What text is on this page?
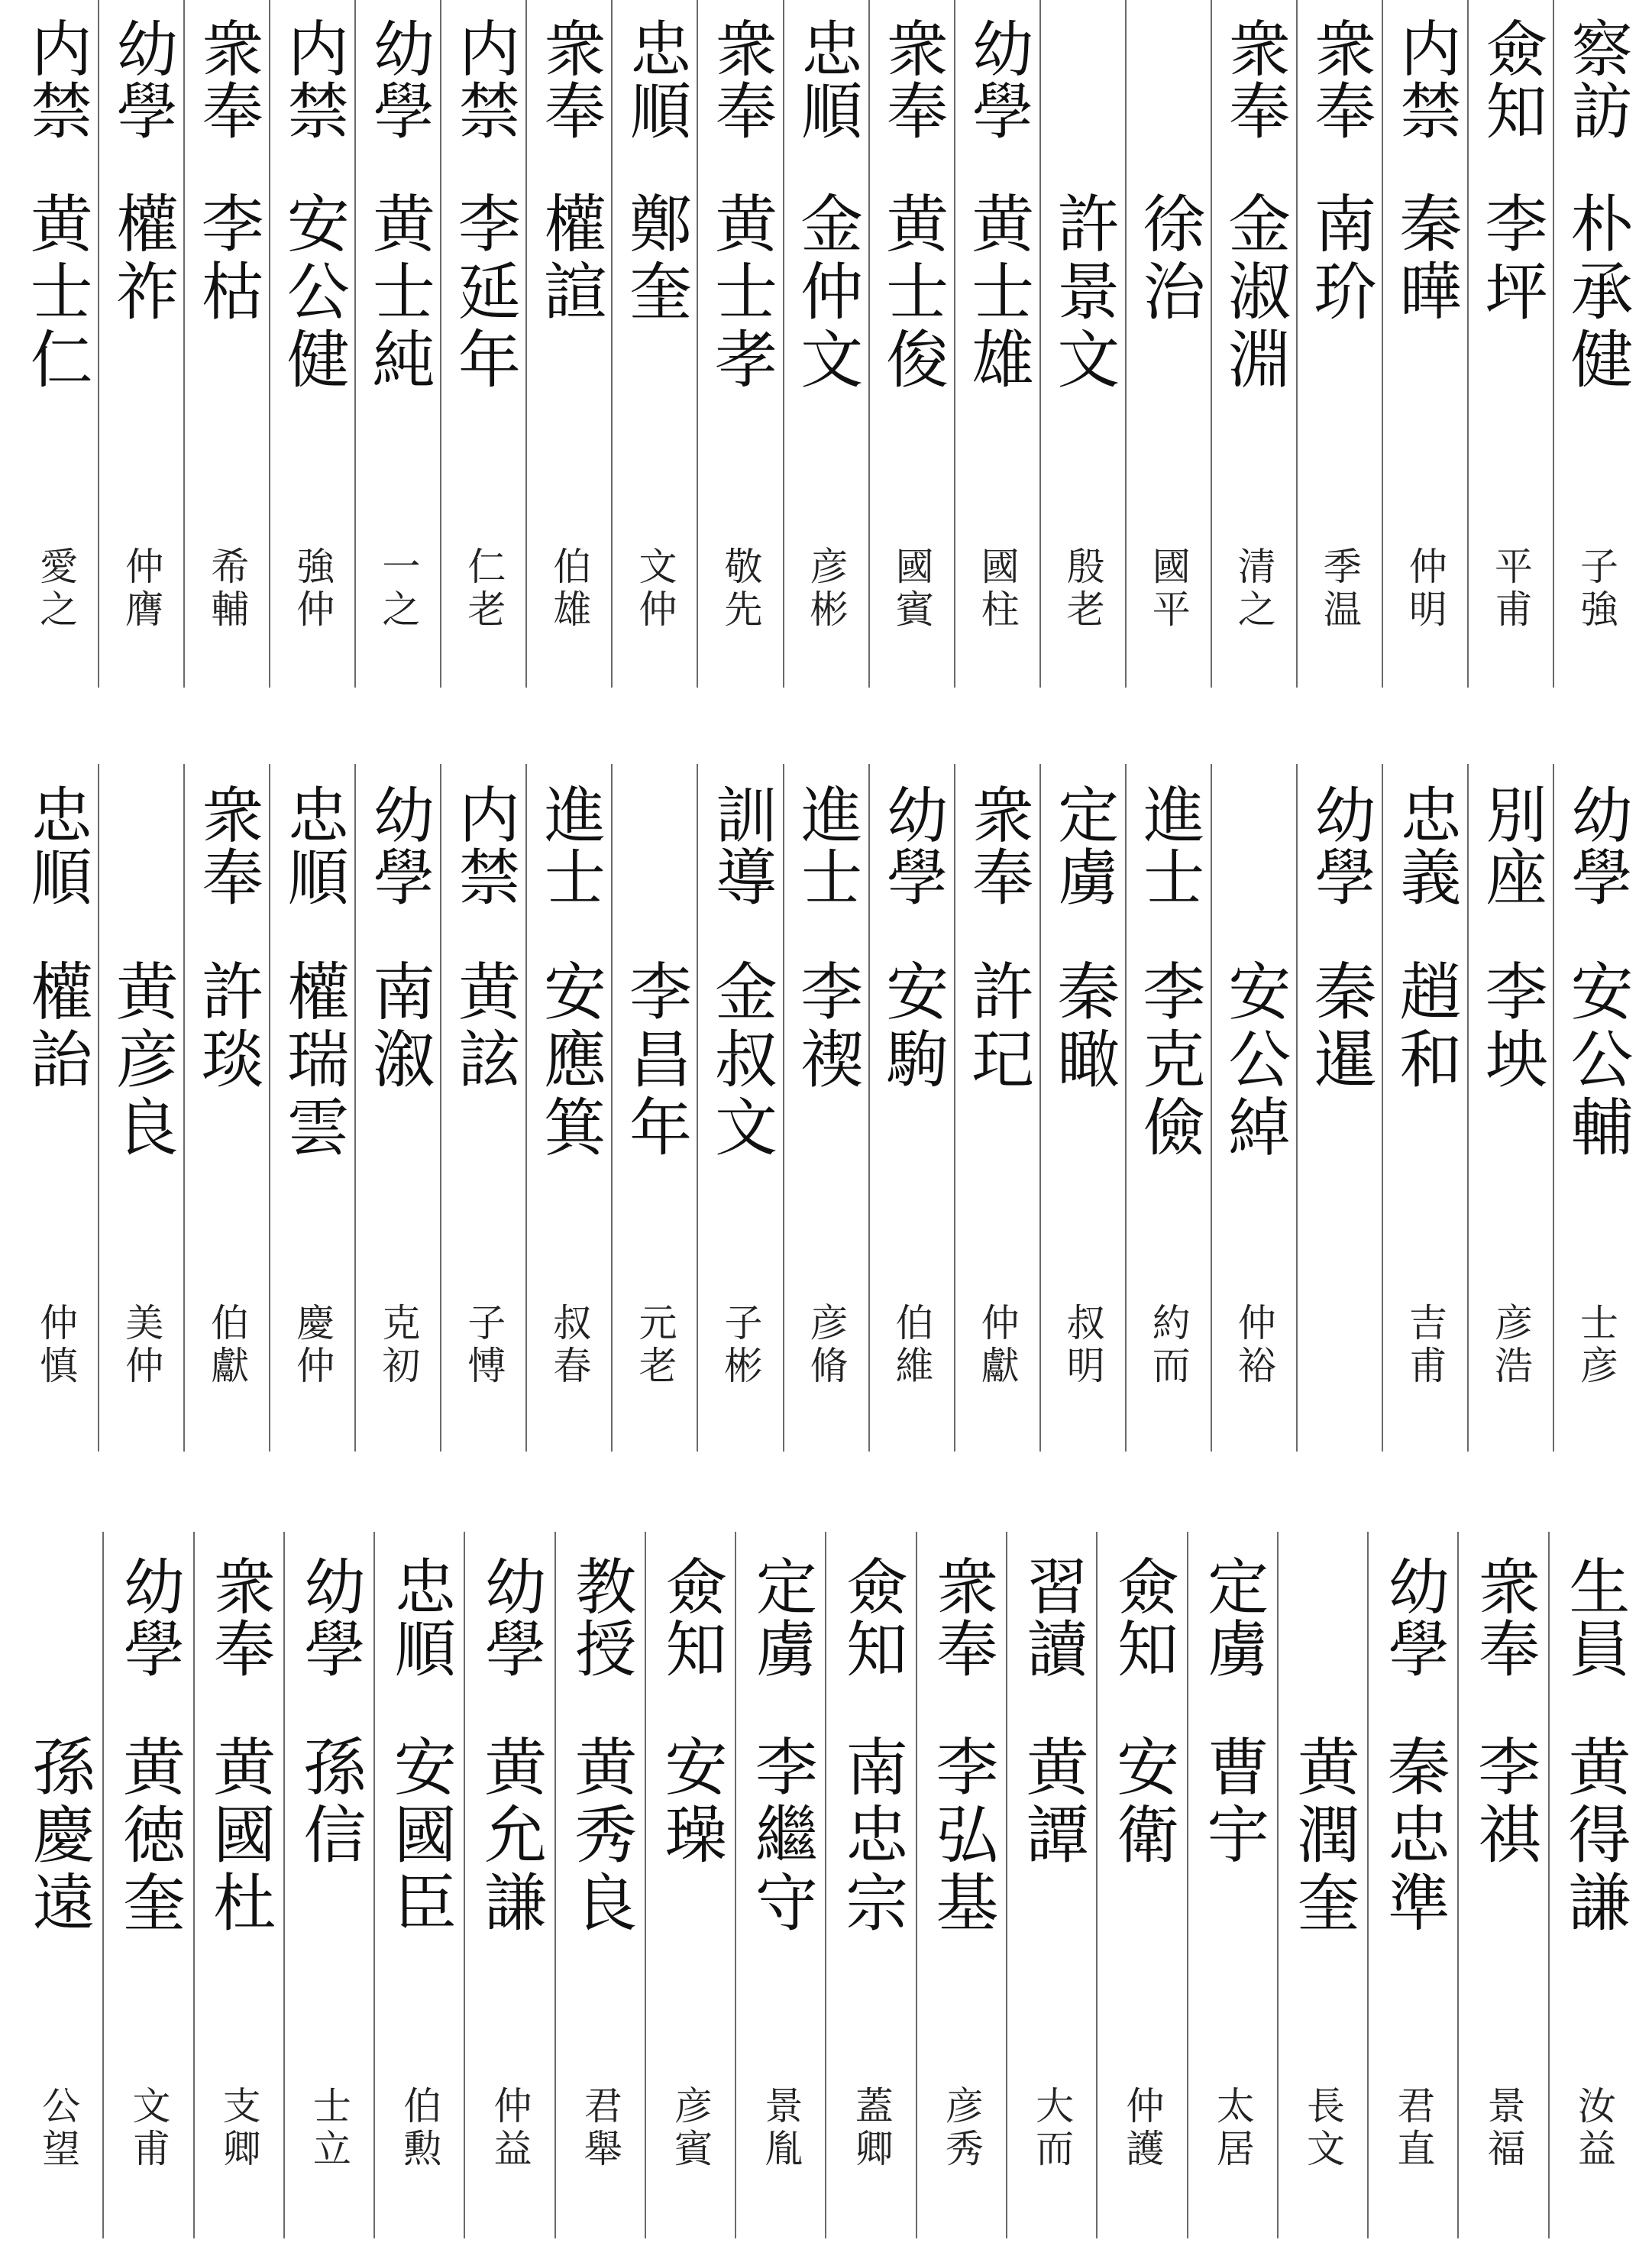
察訪
朴承健
子強
僉知
李坪
平甫
内禁
秦曄
仲明
衆奉
南玠
季温
衆奉
金淑淵
清之
徐治
國平
許景文
殷老
幼學
黄士雄
國柱
衆奉
黄士俊
國賓
忠順
金仲文
彦彬
衆奉
黄士孝
敬先
忠順
鄭奎
文仲
衆奉
權諠
伯雄
内禁
李延年
仁老
幼學
黄士純
一之
内禁
安公健
強仲
衆奉
李枯
希輔
幼學
權祚
仲膺
内禁
黄士仁
愛之
幼學
安公輔
士彦
別座
李坱
彦浩
忠義
趙和
吉甫
幼學
秦暹
安公綽
仲裕
進士
李克儉
約而
定虜
秦瞰
叔明
衆奉
許玘
仲獻
幼學
安駒
伯維
進士
李禊
彦脩
訓導
金叔文
子彬
李昌年
元老
進士
安應箕
叔春
内禁
黄詃
子愽
幼學
南溆
克初
忠順
權瑞雲
慶仲
衆奉
許琰
伯獻
黄彦良
美仲
忠順
權詒
仲慎
生員
黄得謙
汝益
衆奉
李祺
景福
幼學
秦忠準
君直
黄潤奎
長文
定虜
曹宇
太居
僉知
安衛
仲護
習讀
黄譚
大而
衆奉
李弘基
彦秀
僉知
南忠宗
蓋卿
定虜
李繼守
景胤
僉知
安璪
彦賓
教授
黄秀良
君舉
幼學
黄允謙
仲益
忠順
安國臣
伯勲
幼學
孫信
士立
衆奉
黄國杜
支卿
幼學
黄徳奎
文甫
孫慶遠
公望
